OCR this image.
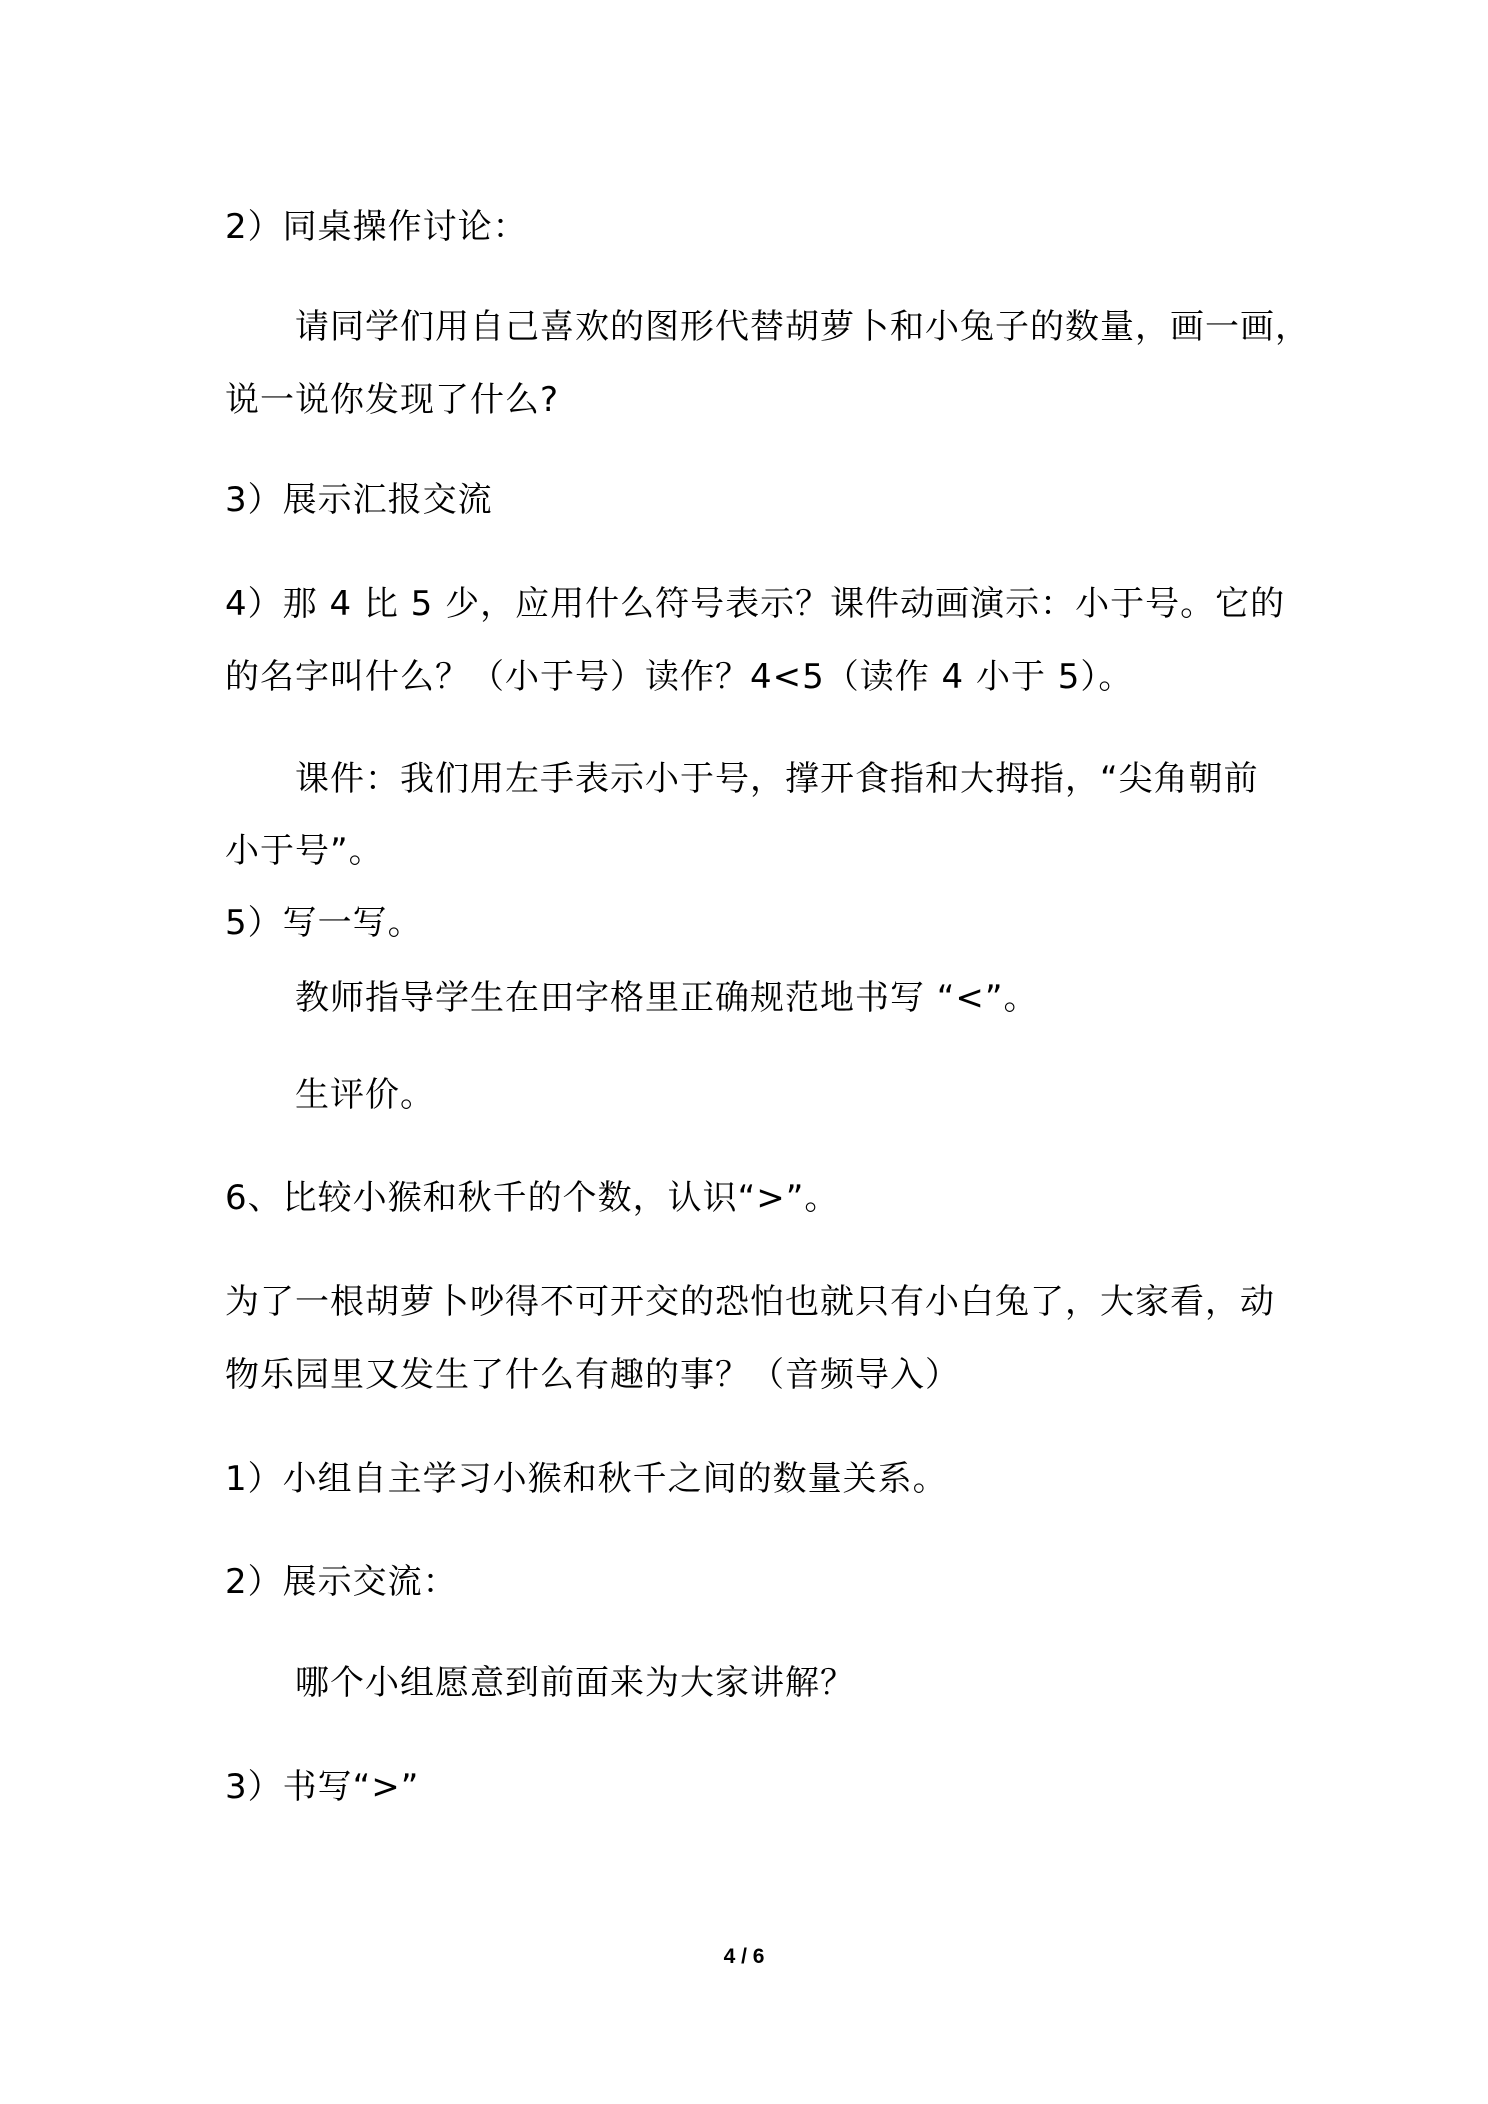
2）同桌操作讨论：

请同学们用自己喜欢的图形代替胡萝卜和小兔子的数量，画一画，

说一说你发现了什么?

3）展示汇报交流

4）那 4 比 5 少，应用什么符号表示？课件动画演示：小于号。它的

的名字叫什么？（小于号）读作？4<5（读作 4 小于 5）。

课件：我们用左手表示小于号，撑开食指和大拇指，“尖角朝前

小于号”。

5）写一写。

教师指导学生在田字格里正确规范地书写 “<”。

生评价。

6、比较小猴和秋千的个数，认识“>”。

为了一根胡萝卜吵得不可开交的恐怕也就只有小白兔了，大家看，动

物乐园里又发生了什么有趣的事？（音频导入）

1）小组自主学习小猴和秋千之间的数量关系。

2）展示交流：

哪个小组愿意到前面来为大家讲解？

3）书写“>”

4 / 6
